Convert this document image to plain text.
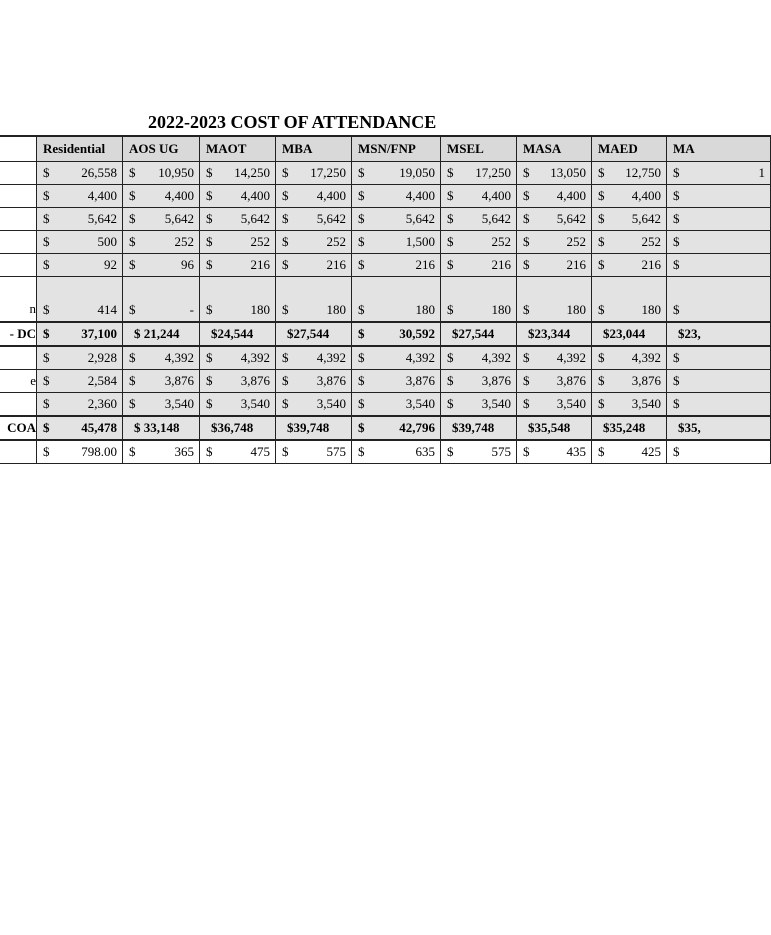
2022-2023 COST OF ATTENDANCE
	Residential	AOS UG	MAOT	MBA	MSN/FNP	MSEL	MASA	MAED	MA

	$ 26,558	$ 10,950	$ 14,250	$ 17,250	$ 19,050	$ 17,250	$ 13,050	$ 12,750	$ 1

	$ 4,400	$ 4,400	$ 4,400	$ 4,400	$ 4,400	$ 4,400	$ 4,400	$ 4,400	$

	$ 5,642	$ 5,642	$ 5,642	$ 5,642	$ 5,642	$ 5,642	$ 5,642	$ 5,642	$

	$ 500	$ 252	$ 252	$ 252	$ 1,500	$ 252	$ 252	$ 252	$

	$ 92	$ 96	$ 216	$ 216	$ 216	$ 216	$ 216	$ 216	$

n	$ 414	$ -	$ 180	$ 180	$ 180	$ 180	$ 180	$ 180	$

- DC	$ 37,100	$ 21,244	$24,544	$27,544	$ 30,592	$27,544	$23,344	$23,044	$23,

	$ 2,928	$ 4,392	$ 4,392	$ 4,392	$ 4,392	$ 4,392	$ 4,392	$ 4,392	$

e	$ 2,584	$ 3,876	$ 3,876	$ 3,876	$ 3,876	$ 3,876	$ 3,876	$ 3,876	$

	$ 2,360	$ 3,540	$ 3,540	$ 3,540	$ 3,540	$ 3,540	$ 3,540	$ 3,540	$

COA	$ 45,478	$ 33,148	$36,748	$39,748	$ 42,796	$39,748	$35,548	$35,248	$35,

	$ 798.00	$ 365	$ 475	$ 575	$ 635	$ 575	$ 435	$ 425	$
